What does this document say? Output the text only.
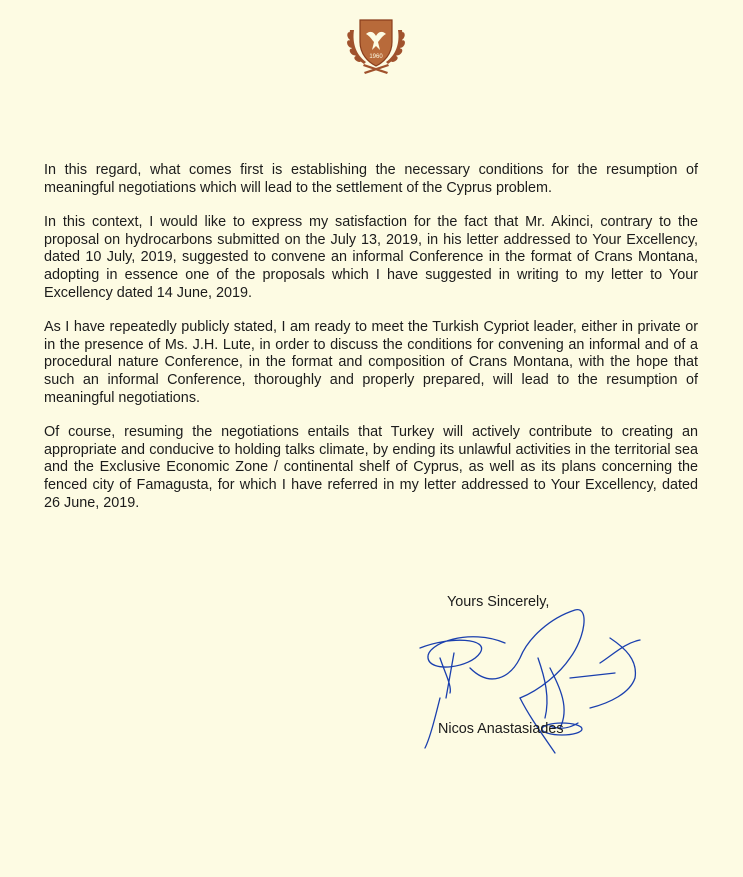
1960

In this regard, what comes first is establishing the necessary conditions for the resumption of meaningful negotiations which will lead to the settlement of the Cyprus problem.

In this context, I would like to express my satisfaction for the fact that Mr. Akinci, contrary to the proposal on hydrocarbons submitted on the July 13, 2019, in his letter addressed to Your Excellency, dated 10 July, 2019, suggested to convene an informal Conference in the format of Crans Montana, adopting in essence one of the proposals which I have suggested in writing to my letter to Your Excellency dated 14 June, 2019.

As I have repeatedly publicly stated, I am ready to meet the Turkish Cypriot leader, either in private or in the presence of Ms. J.H. Lute, in order to discuss the conditions for convening an informal and of a procedural nature Conference, in the format and composition of Crans Montana, with the hope that such an informal Conference, thoroughly and properly prepared, will lead to the resumption of meaningful negotiations.

Of course, resuming the negotiations entails that Turkey will actively contribute to creating an appropriate and conducive to holding talks climate, by ending its unlawful activities in the territorial sea and the Exclusive Economic Zone / continental shelf of Cyprus, as well as its plans concerning the fenced city of Famagusta, for which I have referred in my letter addressed to Your Excellency, dated 26 June, 2019.

Yours Sincerely,
Nicos Anastasiades
